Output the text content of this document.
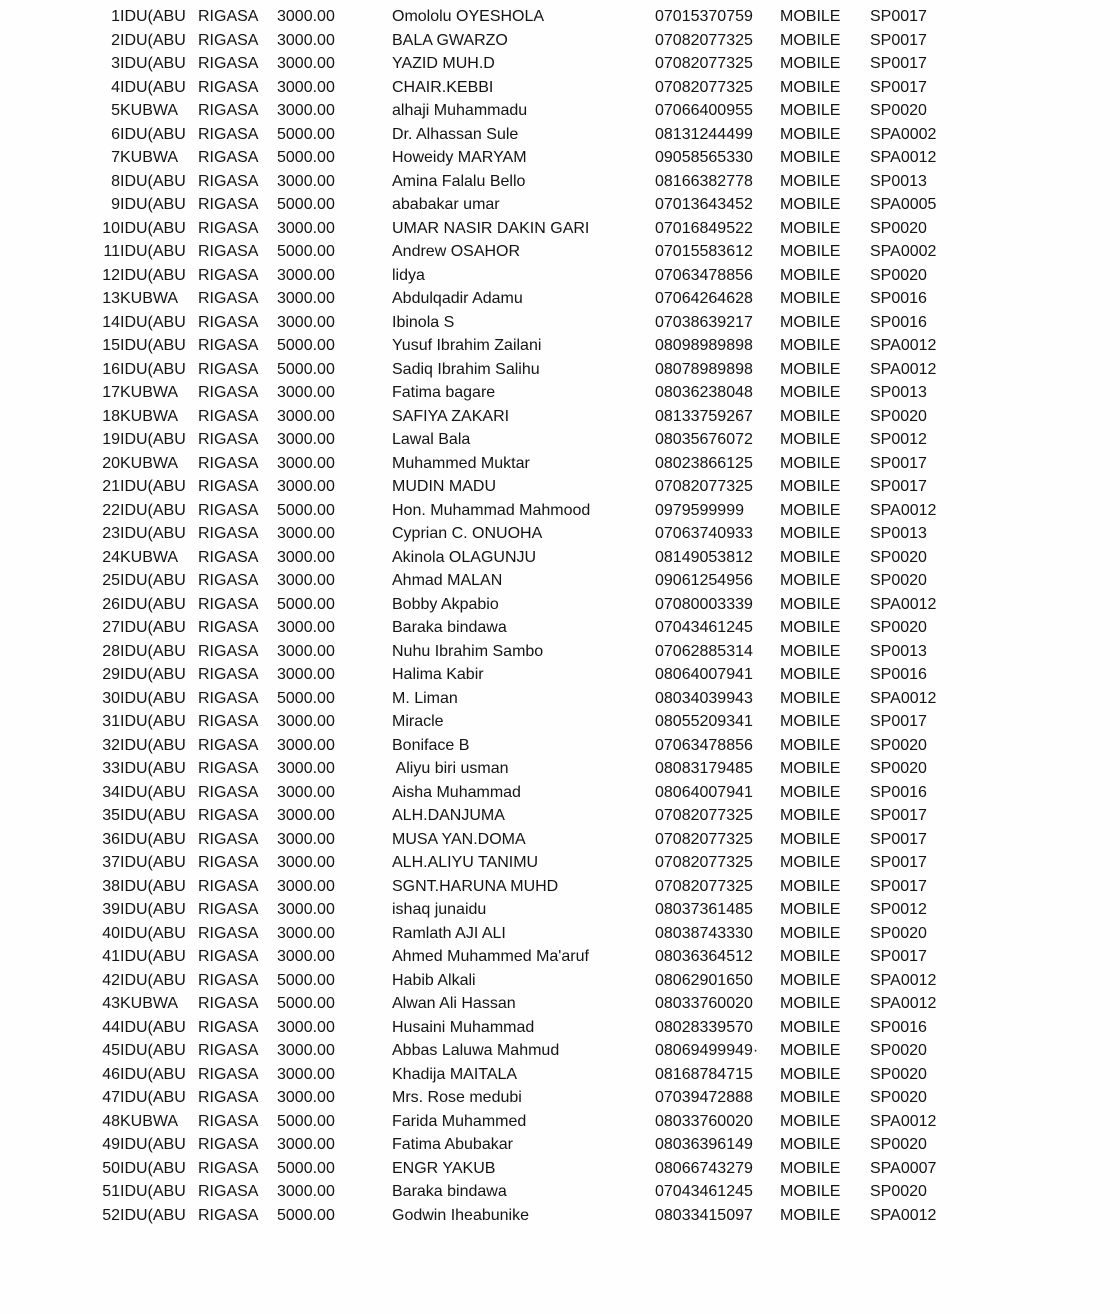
1	IDU(ABU	RIGASA	3000.00	Omololu OYESHOLA	07015370759	MOBILE	SP0017
2	IDU(ABU	RIGASA	3000.00	BALA GWARZO	07082077325	MOBILE	SP0017
3	IDU(ABU	RIGASA	3000.00	YAZID MUH.D	07082077325	MOBILE	SP0017
4	IDU(ABU	RIGASA	3000.00	CHAIR.KEBBI	07082077325	MOBILE	SP0017
5	KUBWA	RIGASA	3000.00	alhaji Muhammadu	07066400955	MOBILE	SP0020
6	IDU(ABU	RIGASA	5000.00	Dr. Alhassan Sule	08131244499	MOBILE	SPA0002
7	KUBWA	RIGASA	5000.00	Howeidy MARYAM	09058565330	MOBILE	SPA0012
8	IDU(ABU	RIGASA	3000.00	Amina Falalu Bello	08166382778	MOBILE	SP0013
9	IDU(ABU	RIGASA	5000.00	ababakar umar	07013643452	MOBILE	SPA0005
10	IDU(ABU	RIGASA	3000.00	UMAR NASIR DAKIN GARI	07016849522	MOBILE	SP0020
11	IDU(ABU	RIGASA	5000.00	Andrew OSAHOR	07015583612	MOBILE	SPA0002
12	IDU(ABU	RIGASA	3000.00	lidya	07063478856	MOBILE	SP0020
13	KUBWA	RIGASA	3000.00	Abdulqadir Adamu	07064264628	MOBILE	SP0016
14	IDU(ABU	RIGASA	3000.00	Ibinola S	07038639217	MOBILE	SP0016
15	IDU(ABU	RIGASA	5000.00	Yusuf Ibrahim Zailani	08098989898	MOBILE	SPA0012
16	IDU(ABU	RIGASA	5000.00	Sadiq Ibrahim Salihu	08078989898	MOBILE	SPA0012
17	KUBWA	RIGASA	3000.00	Fatima bagare	08036238048	MOBILE	SP0013
18	KUBWA	RIGASA	3000.00	SAFIYA ZAKARI	08133759267	MOBILE	SP0020
19	IDU(ABU	RIGASA	3000.00	Lawal Bala	08035676072	MOBILE	SP0012
20	KUBWA	RIGASA	3000.00	Muhammed Muktar	08023866125	MOBILE	SP0017
21	IDU(ABU	RIGASA	3000.00	MUDIN MADU	07082077325	MOBILE	SP0017
22	IDU(ABU	RIGASA	5000.00	Hon. Muhammad Mahmood	0979599999	MOBILE	SPA0012
23	IDU(ABU	RIGASA	3000.00	Cyprian C. ONUOHA	07063740933	MOBILE	SP0013
24	KUBWA	RIGASA	3000.00	Akinola OLAGUNJU	08149053812	MOBILE	SP0020
25	IDU(ABU	RIGASA	3000.00	Ahmad MALAN	09061254956	MOBILE	SP0020
26	IDU(ABU	RIGASA	5000.00	Bobby Akpabio	07080003339	MOBILE	SPA0012
27	IDU(ABU	RIGASA	3000.00	Baraka bindawa	07043461245	MOBILE	SP0020
28	IDU(ABU	RIGASA	3000.00	Nuhu Ibrahim Sambo	07062885314	MOBILE	SP0013
29	IDU(ABU	RIGASA	3000.00	Halima Kabir	08064007941	MOBILE	SP0016
30	IDU(ABU	RIGASA	5000.00	M. Liman	08034039943	MOBILE	SPA0012
31	IDU(ABU	RIGASA	3000.00	Miracle	08055209341	MOBILE	SP0017
32	IDU(ABU	RIGASA	3000.00	Boniface B	07063478856	MOBILE	SP0020
33	IDU(ABU	RIGASA	3000.00	Aliyu biri usman	08083179485	MOBILE	SP0020
34	IDU(ABU	RIGASA	3000.00	Aisha Muhammad	08064007941	MOBILE	SP0016
35	IDU(ABU	RIGASA	3000.00	ALH.DANJUMA	07082077325	MOBILE	SP0017
36	IDU(ABU	RIGASA	3000.00	MUSA YAN.DOMA	07082077325	MOBILE	SP0017
37	IDU(ABU	RIGASA	3000.00	ALH.ALIYU TANIMU	07082077325	MOBILE	SP0017
38	IDU(ABU	RIGASA	3000.00	SGNT.HARUNA MUHD	07082077325	MOBILE	SP0017
39	IDU(ABU	RIGASA	3000.00	ishaq junaidu	08037361485	MOBILE	SP0012
40	IDU(ABU	RIGASA	3000.00	Ramlath AJI ALI	08038743330	MOBILE	SP0020
41	IDU(ABU	RIGASA	3000.00	Ahmed Muhammed Ma'aruf	08036364512	MOBILE	SP0017
42	IDU(ABU	RIGASA	5000.00	Habib Alkali	08062901650	MOBILE	SPA0012
43	KUBWA	RIGASA	5000.00	Alwan Ali Hassan	08033760020	MOBILE	SPA0012
44	IDU(ABU	RIGASA	3000.00	Husaini Muhammad	08028339570	MOBILE	SP0016
45	IDU(ABU	RIGASA	3000.00	Abbas Laluwa Mahmud	08069499949·	MOBILE	SP0020
46	IDU(ABU	RIGASA	3000.00	Khadija MAITALA	08168784715	MOBILE	SP0020
47	IDU(ABU	RIGASA	3000.00	Mrs. Rose medubi	07039472888	MOBILE	SP0020
48	KUBWA	RIGASA	5000.00	Farida Muhammed	08033760020	MOBILE	SPA0012
49	IDU(ABU	RIGASA	3000.00	Fatima Abubakar	08036396149	MOBILE	SP0020
50	IDU(ABU	RIGASA	5000.00	ENGR YAKUB	08066743279	MOBILE	SPA0007
51	IDU(ABU	RIGASA	3000.00	Baraka bindawa	07043461245	MOBILE	SP0020
52	IDU(ABU	RIGASA	5000.00	Godwin Iheabunike	08033415097	MOBILE	SPA0012
